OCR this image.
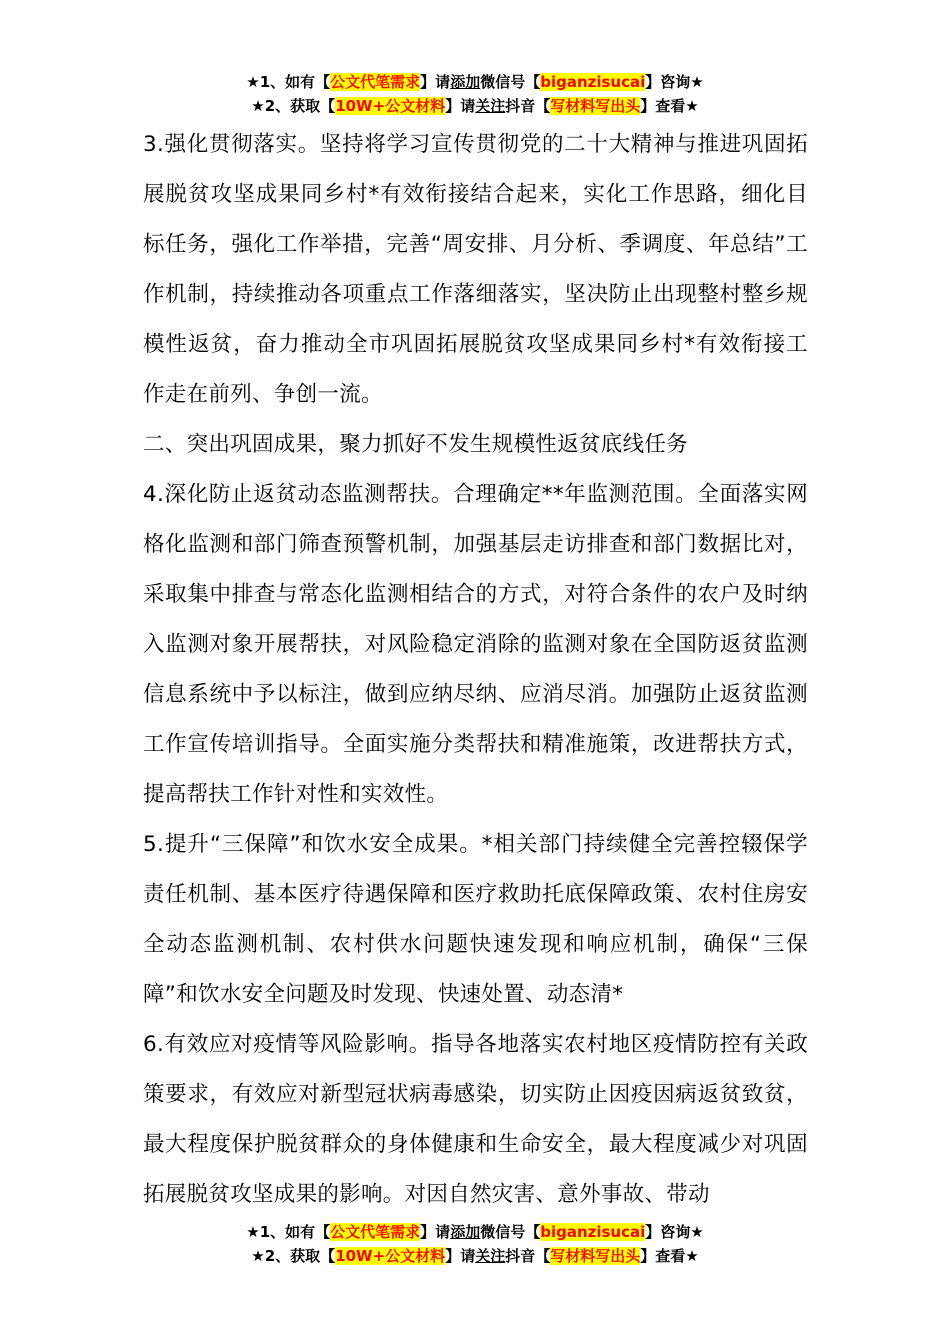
★1、如有【公文代笔需求】请添加微信号【biganzisucai】咨询★
★2、获取【10W+公文材料】请关注抖音【写材料写出头】查看★

3.强化贯彻落实。坚持将学习宣传贯彻党的二十大精神与推进巩固拓展脱贫攻坚成果同乡村*有效衔接结合起来，实化工作思路，细化目标任务，强化工作举措，完善“周安排、月分析、季调度、年总结”工作机制，持续推动各项重点工作落细落实，坚决防止出现整村整乡规模性返贫，奋力推动全市巩固拓展脱贫攻坚成果同乡村*有效衔接工作走在前列、争创一流。

二、突出巩固成果，聚力抓好不发生规模性返贫底线任务

4.深化防止返贫动态监测帮扶。合理确定**年监测范围。全面落实网格化监测和部门筛查预警机制，加强基层走访排查和部门数据比对，采取集中排查与常态化监测相结合的方式，对符合条件的农户及时纳入监测对象开展帮扶，对风险稳定消除的监测对象在全国防返贫监测信息系统中予以标注，做到应纳尽纳、应消尽消。加强防止返贫监测工作宣传培训指导。全面实施分类帮扶和精准施策，改进帮扶方式，提高帮扶工作针对性和实效性。

5.提升“三保障”和饮水安全成果。*相关部门持续健全完善控辍保学责任机制、基本医疗待遇保障和医疗救助托底保障政策、农村住房安全动态监测机制、农村供水问题快速发现和响应机制，确保“三保障”和饮水安全问题及时发现、快速处置、动态清*

6.有效应对疫情等风险影响。指导各地落实农村地区疫情防控有关政策要求，有效应对新型冠状病毒感染，切实防止因疫因病返贫致贫，最大程度保护脱贫群众的身体健康和生命安全，最大程度减少对巩固拓展脱贫攻坚成果的影响。对因自然灾害、意外事故、带动

★1、如有【公文代笔需求】请添加微信号【biganzisucai】咨询★
★2、获取【10W+公文材料】请关注抖音【写材料写出头】查看★
